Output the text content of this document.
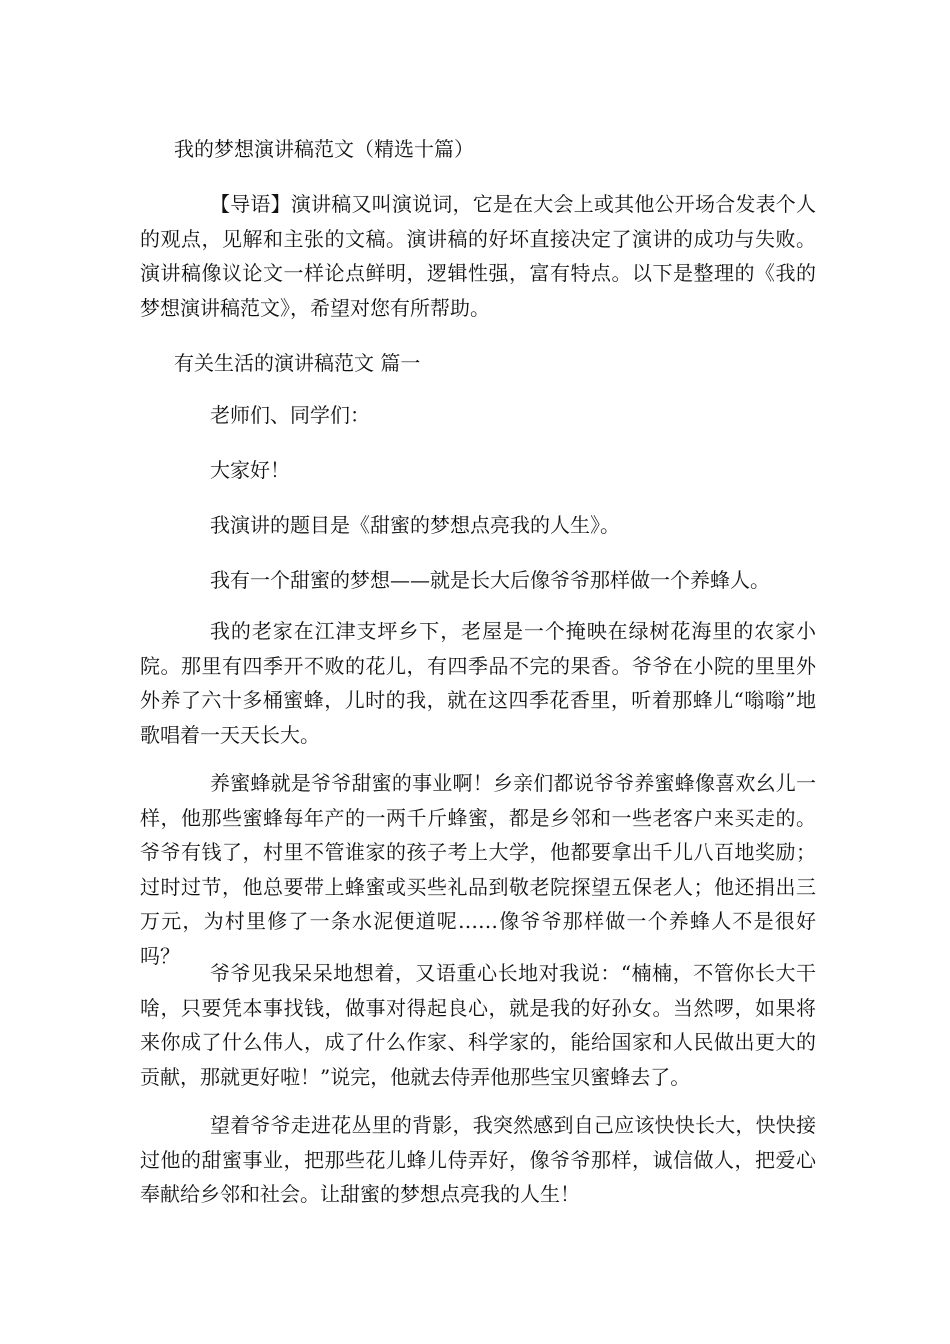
我的梦想演讲稿范文（精选十篇）

【导语】演讲稿又叫演说词，它是在大会上或其他公开场合发表个人的观点，见解和主张的文稿。演讲稿的好坏直接决定了演讲的成功与失败。演讲稿像议论文一样论点鲜明，逻辑性强，富有特点。以下是整理的《我的梦想演讲稿范文》，希望对您有所帮助。

有关生活的演讲稿范文 篇一
老师们、同学们：
大家好！
我演讲的题目是《甜蜜的梦想点亮我的人生》。
我有一个甜蜜的梦想——就是长大后像爷爷那样做一个养蜂人。

我的老家在江津支坪乡下，老屋是一个掩映在绿树花海里的农家小院。那里有四季开不败的花儿，有四季品不完的果香。爷爷在小院的里里外外养了六十多桶蜜蜂，儿时的我，就在这四季花香里，听着那蜂儿“嗡嗡”地歌唱着一天天长大。

养蜜蜂就是爷爷甜蜜的事业啊！乡亲们都说爷爷养蜜蜂像喜欢幺儿一样，他那些蜜蜂每年产的一两千斤蜂蜜，都是乡邻和一些老客户来买走的。爷爷有钱了，村里不管谁家的孩子考上大学，他都要拿出千儿八百地奖励；过时过节，他总要带上蜂蜜或买些礼品到敬老院探望五保老人；他还捐出三万元，为村里修了一条水泥便道呢……像爷爷那样做一个养蜂人不是很好吗？

爷爷见我呆呆地想着，又语重心长地对我说：“楠楠，不管你长大干啥，只要凭本事找钱，做事对得起良心，就是我的好孙女。当然啰，如果将来你成了什么伟人，成了什么作家、科学家的，能给国家和人民做出更大的贡献，那就更好啦！”说完，他就去侍弄他那些宝贝蜜蜂去了。

望着爷爷走进花丛里的背影，我突然感到自己应该快快长大，快快接过他的甜蜜事业，把那些花儿蜂儿侍弄好，像爷爷那样，诚信做人，把爱心奉献给乡邻和社会。让甜蜜的梦想点亮我的人生！
